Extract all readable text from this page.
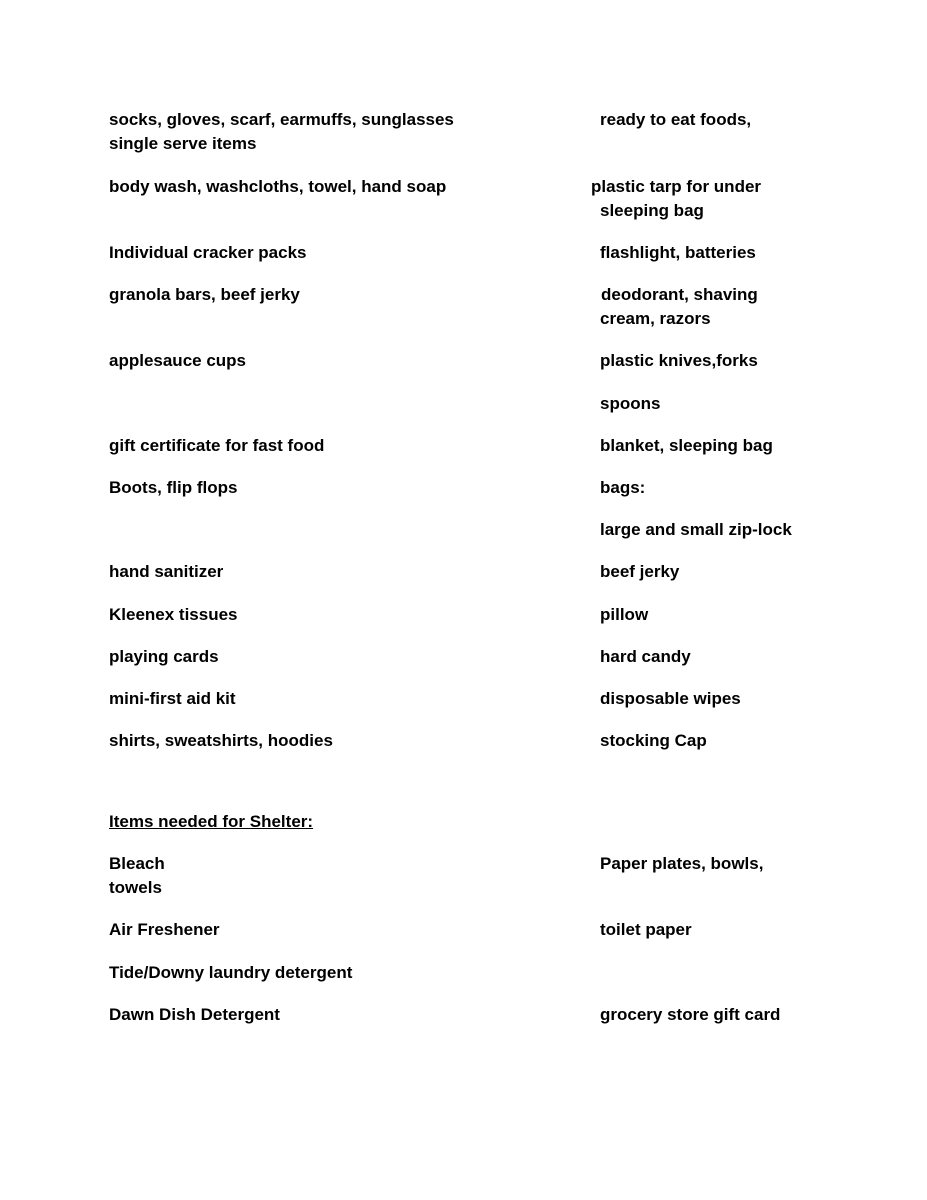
socks, gloves, scarf, earmuffs, sunglasses
single serve items
body wash, washcloths, towel, hand soap
Individual cracker packs
granola bars, beef jerky
applesauce cups
gift certificate for fast food
Boots, flip flops
hand sanitizer
Kleenex tissues
playing cards
mini-first aid kit
shirts, sweatshirts, hoodies
ready to eat foods,
plastic tarp for under
sleeping bag
flashlight, batteries
deodorant, shaving
cream, razors
plastic knives,forks
spoons
blanket, sleeping bag
bags:
large and small zip-lock
beef jerky
pillow
hard candy
disposable wipes
stocking Cap
Items needed for Shelter:
Bleach
towels
Air Freshener
Tide/Downy laundry detergent
Dawn Dish Detergent
Paper plates, bowls,
toilet paper
grocery store gift card
